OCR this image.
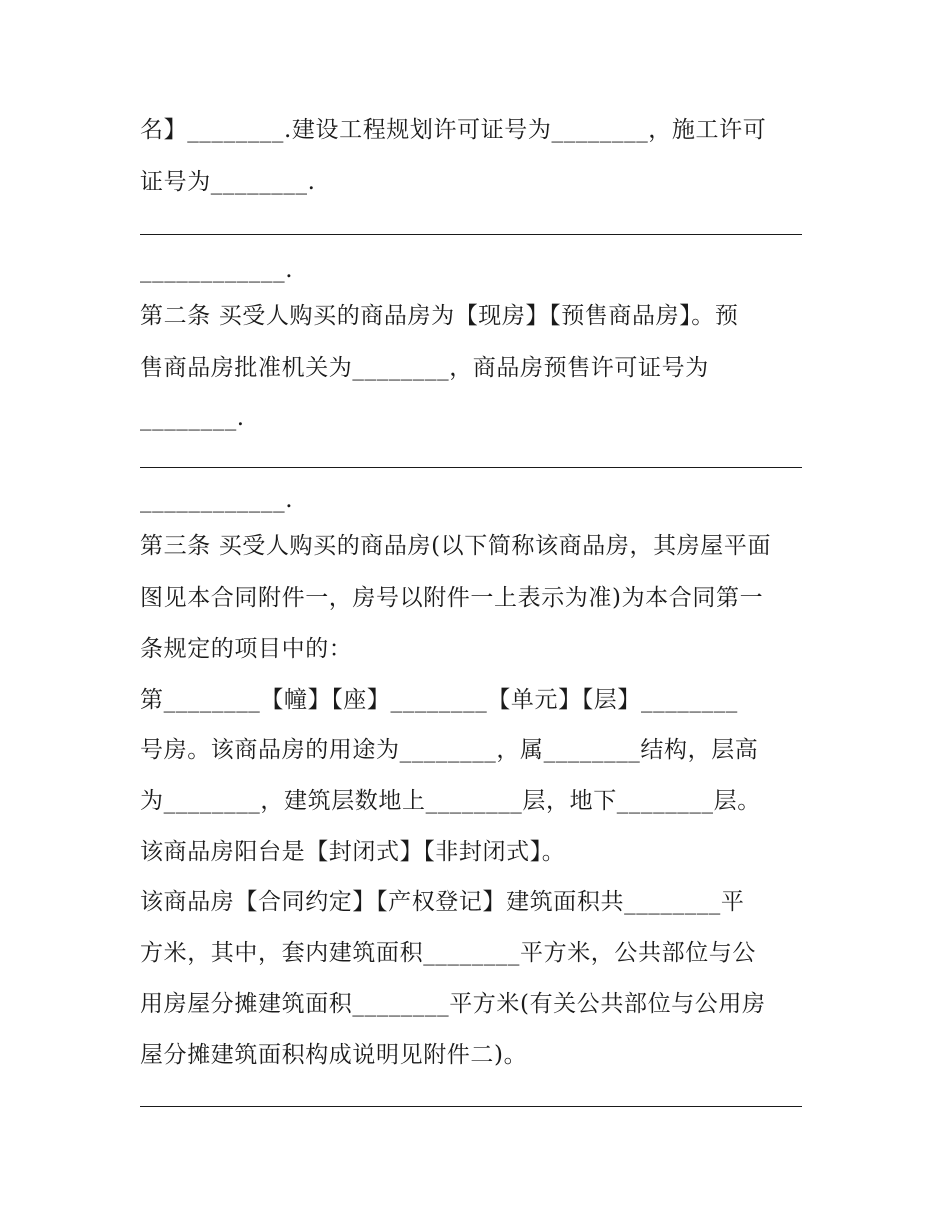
名】________.建设工程规划许可证号为________，施工许可
证号为________.
____________.
第二条 买受人购买的商品房为【现房】【预售商品房】。预
售商品房批准机关为________，商品房预售许可证号为
________.
____________.
第三条 买受人购买的商品房(以下简称该商品房，其房屋平面
图见本合同附件一，房号以附件一上表示为准)为本合同第一
条规定的项目中的：
第________【幢】【座】________【单元】【层】________
号房。该商品房的用途为________，属________结构，层高
为________，建筑层数地上________层，地下________层。
该商品房阳台是【封闭式】【非封闭式】。
该商品房【合同约定】【产权登记】建筑面积共________平
方米，其中，套内建筑面积________平方米，公共部位与公
用房屋分摊建筑面积________平方米(有关公共部位与公用房
屋分摊建筑面积构成说明见附件二)。
